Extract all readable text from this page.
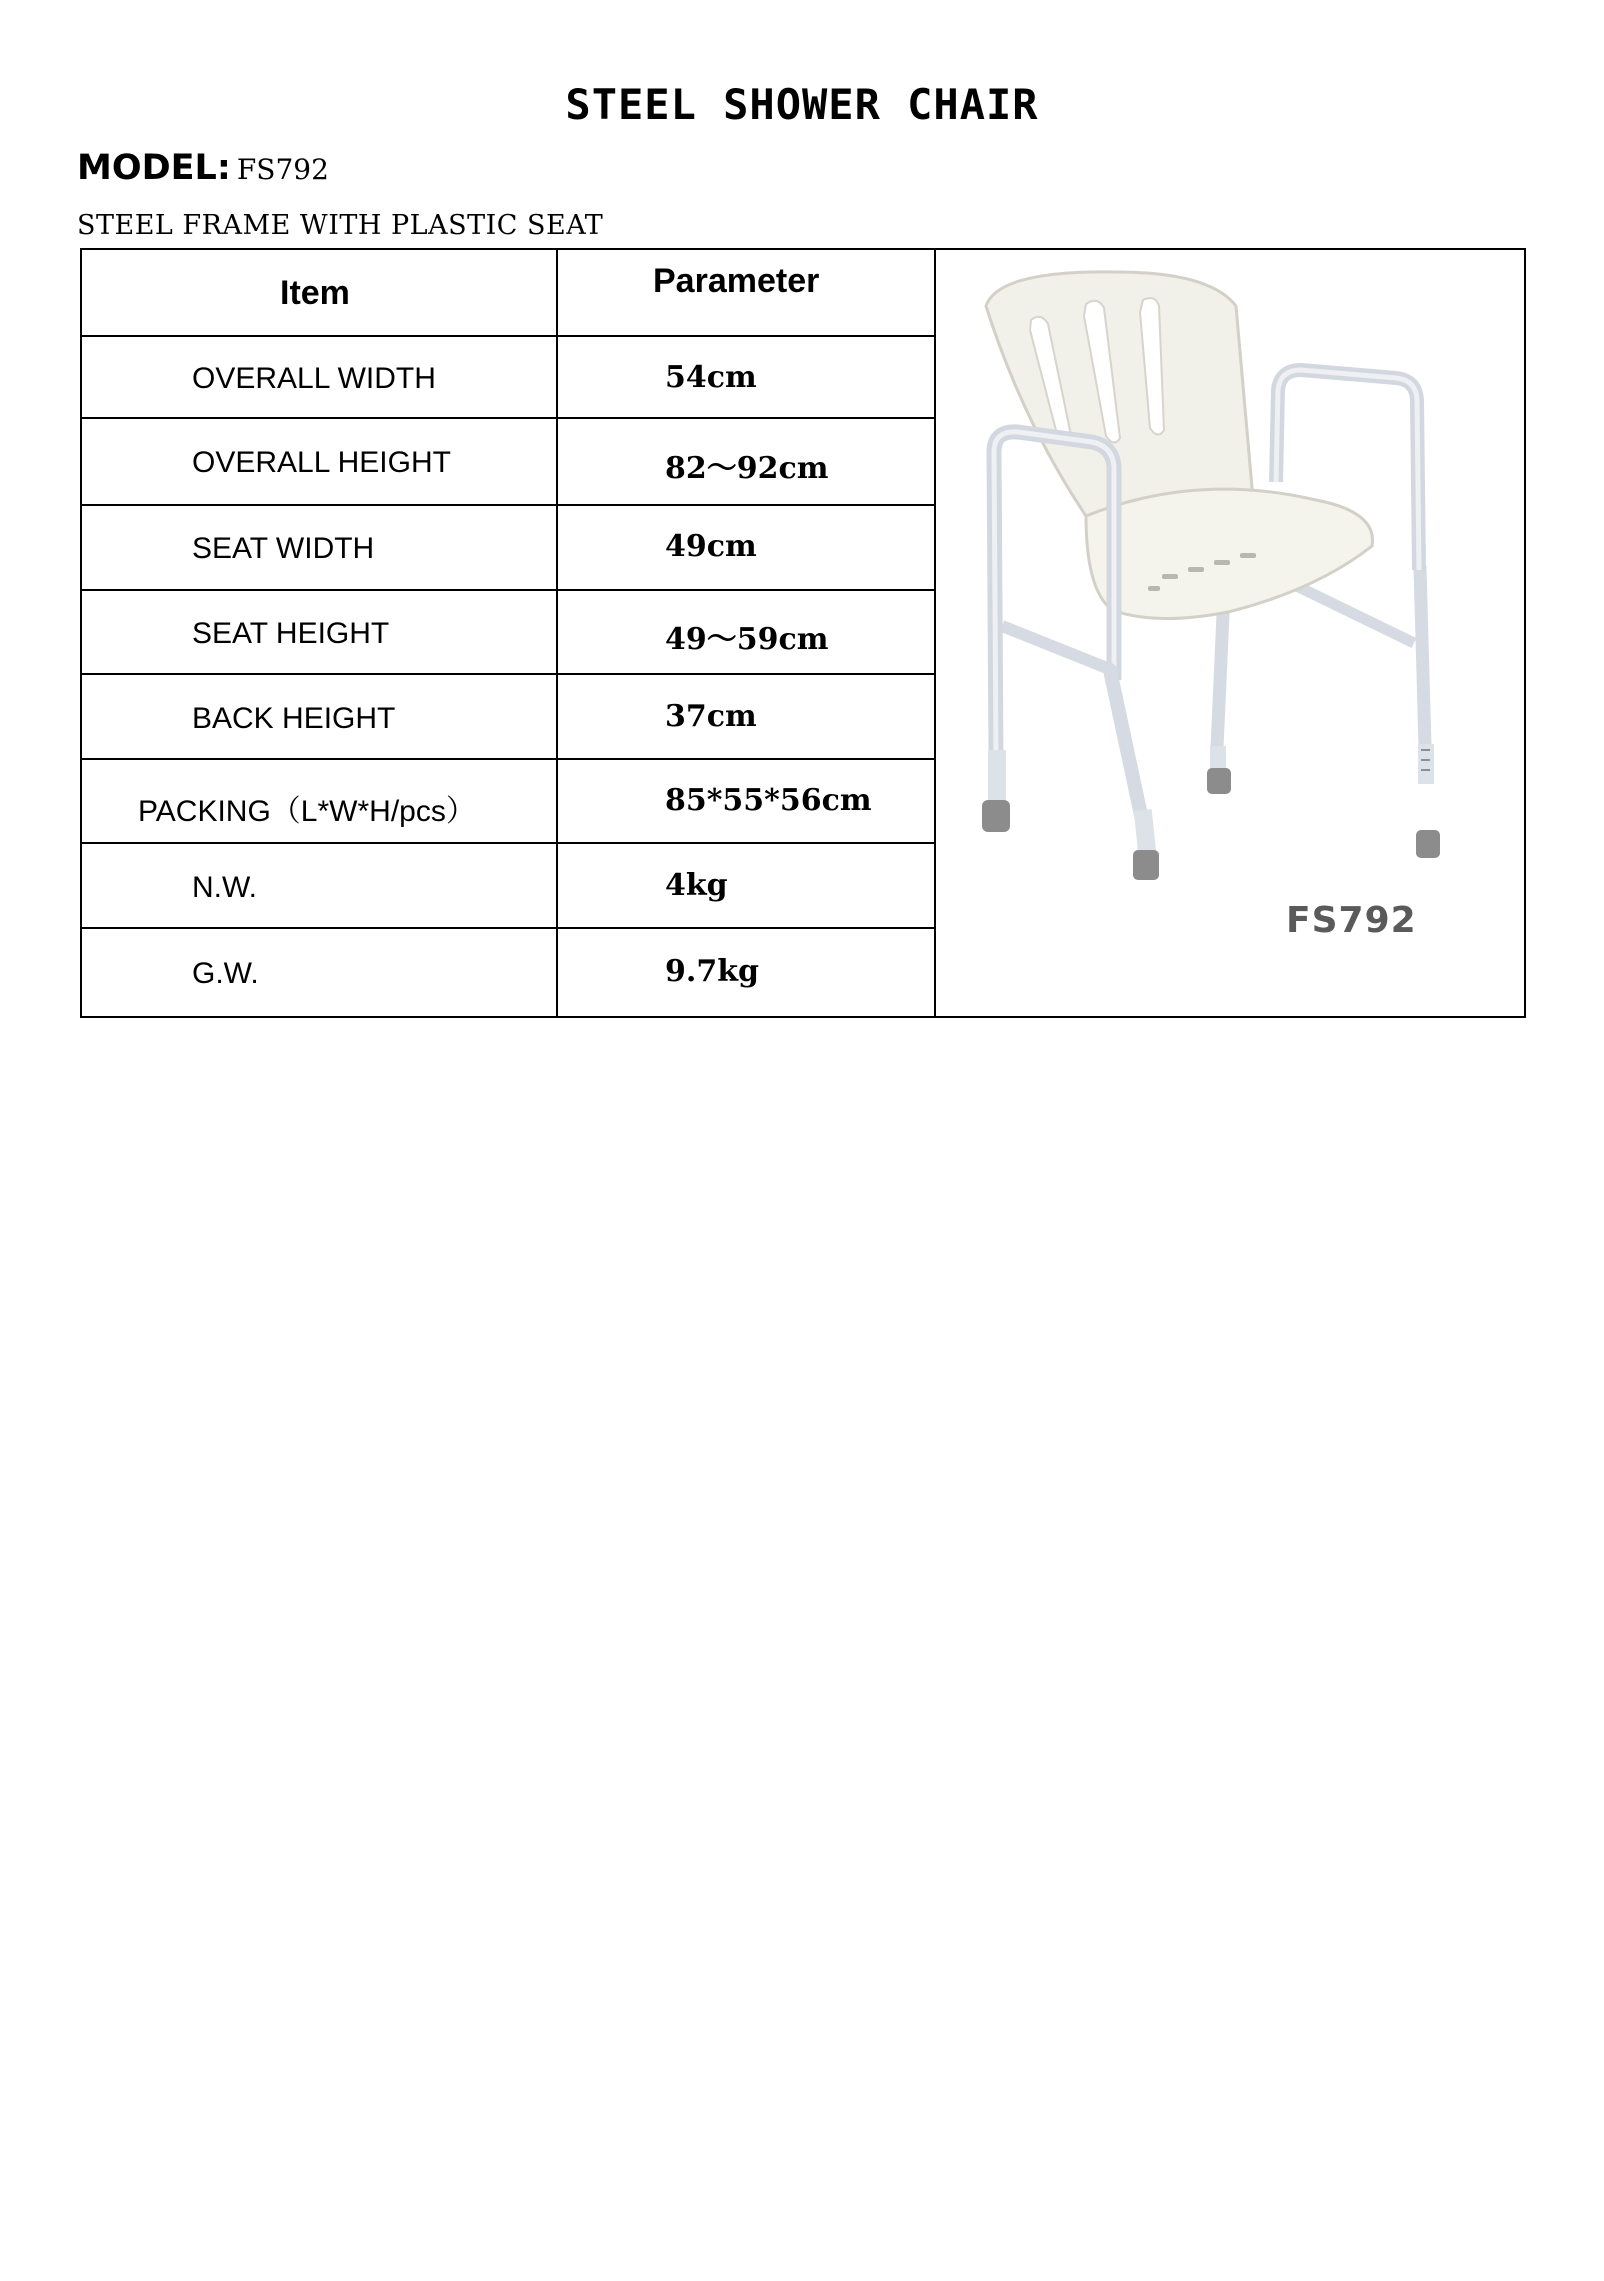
STEEL SHOWER CHAIR
MODEL: FS792
STEEL FRAME WITH PLASTIC SEAT
Item	Parameter
OVERALL WIDTH	54cm
OVERALL HEIGHT	82～92cm
SEAT WIDTH	49cm
SEAT HEIGHT	49～59cm
BACK HEIGHT	37cm
PACKING（L*W*H/pcs）	85*55*56cm
N.W.	4kg
G.W.	9.7kg
FS792
